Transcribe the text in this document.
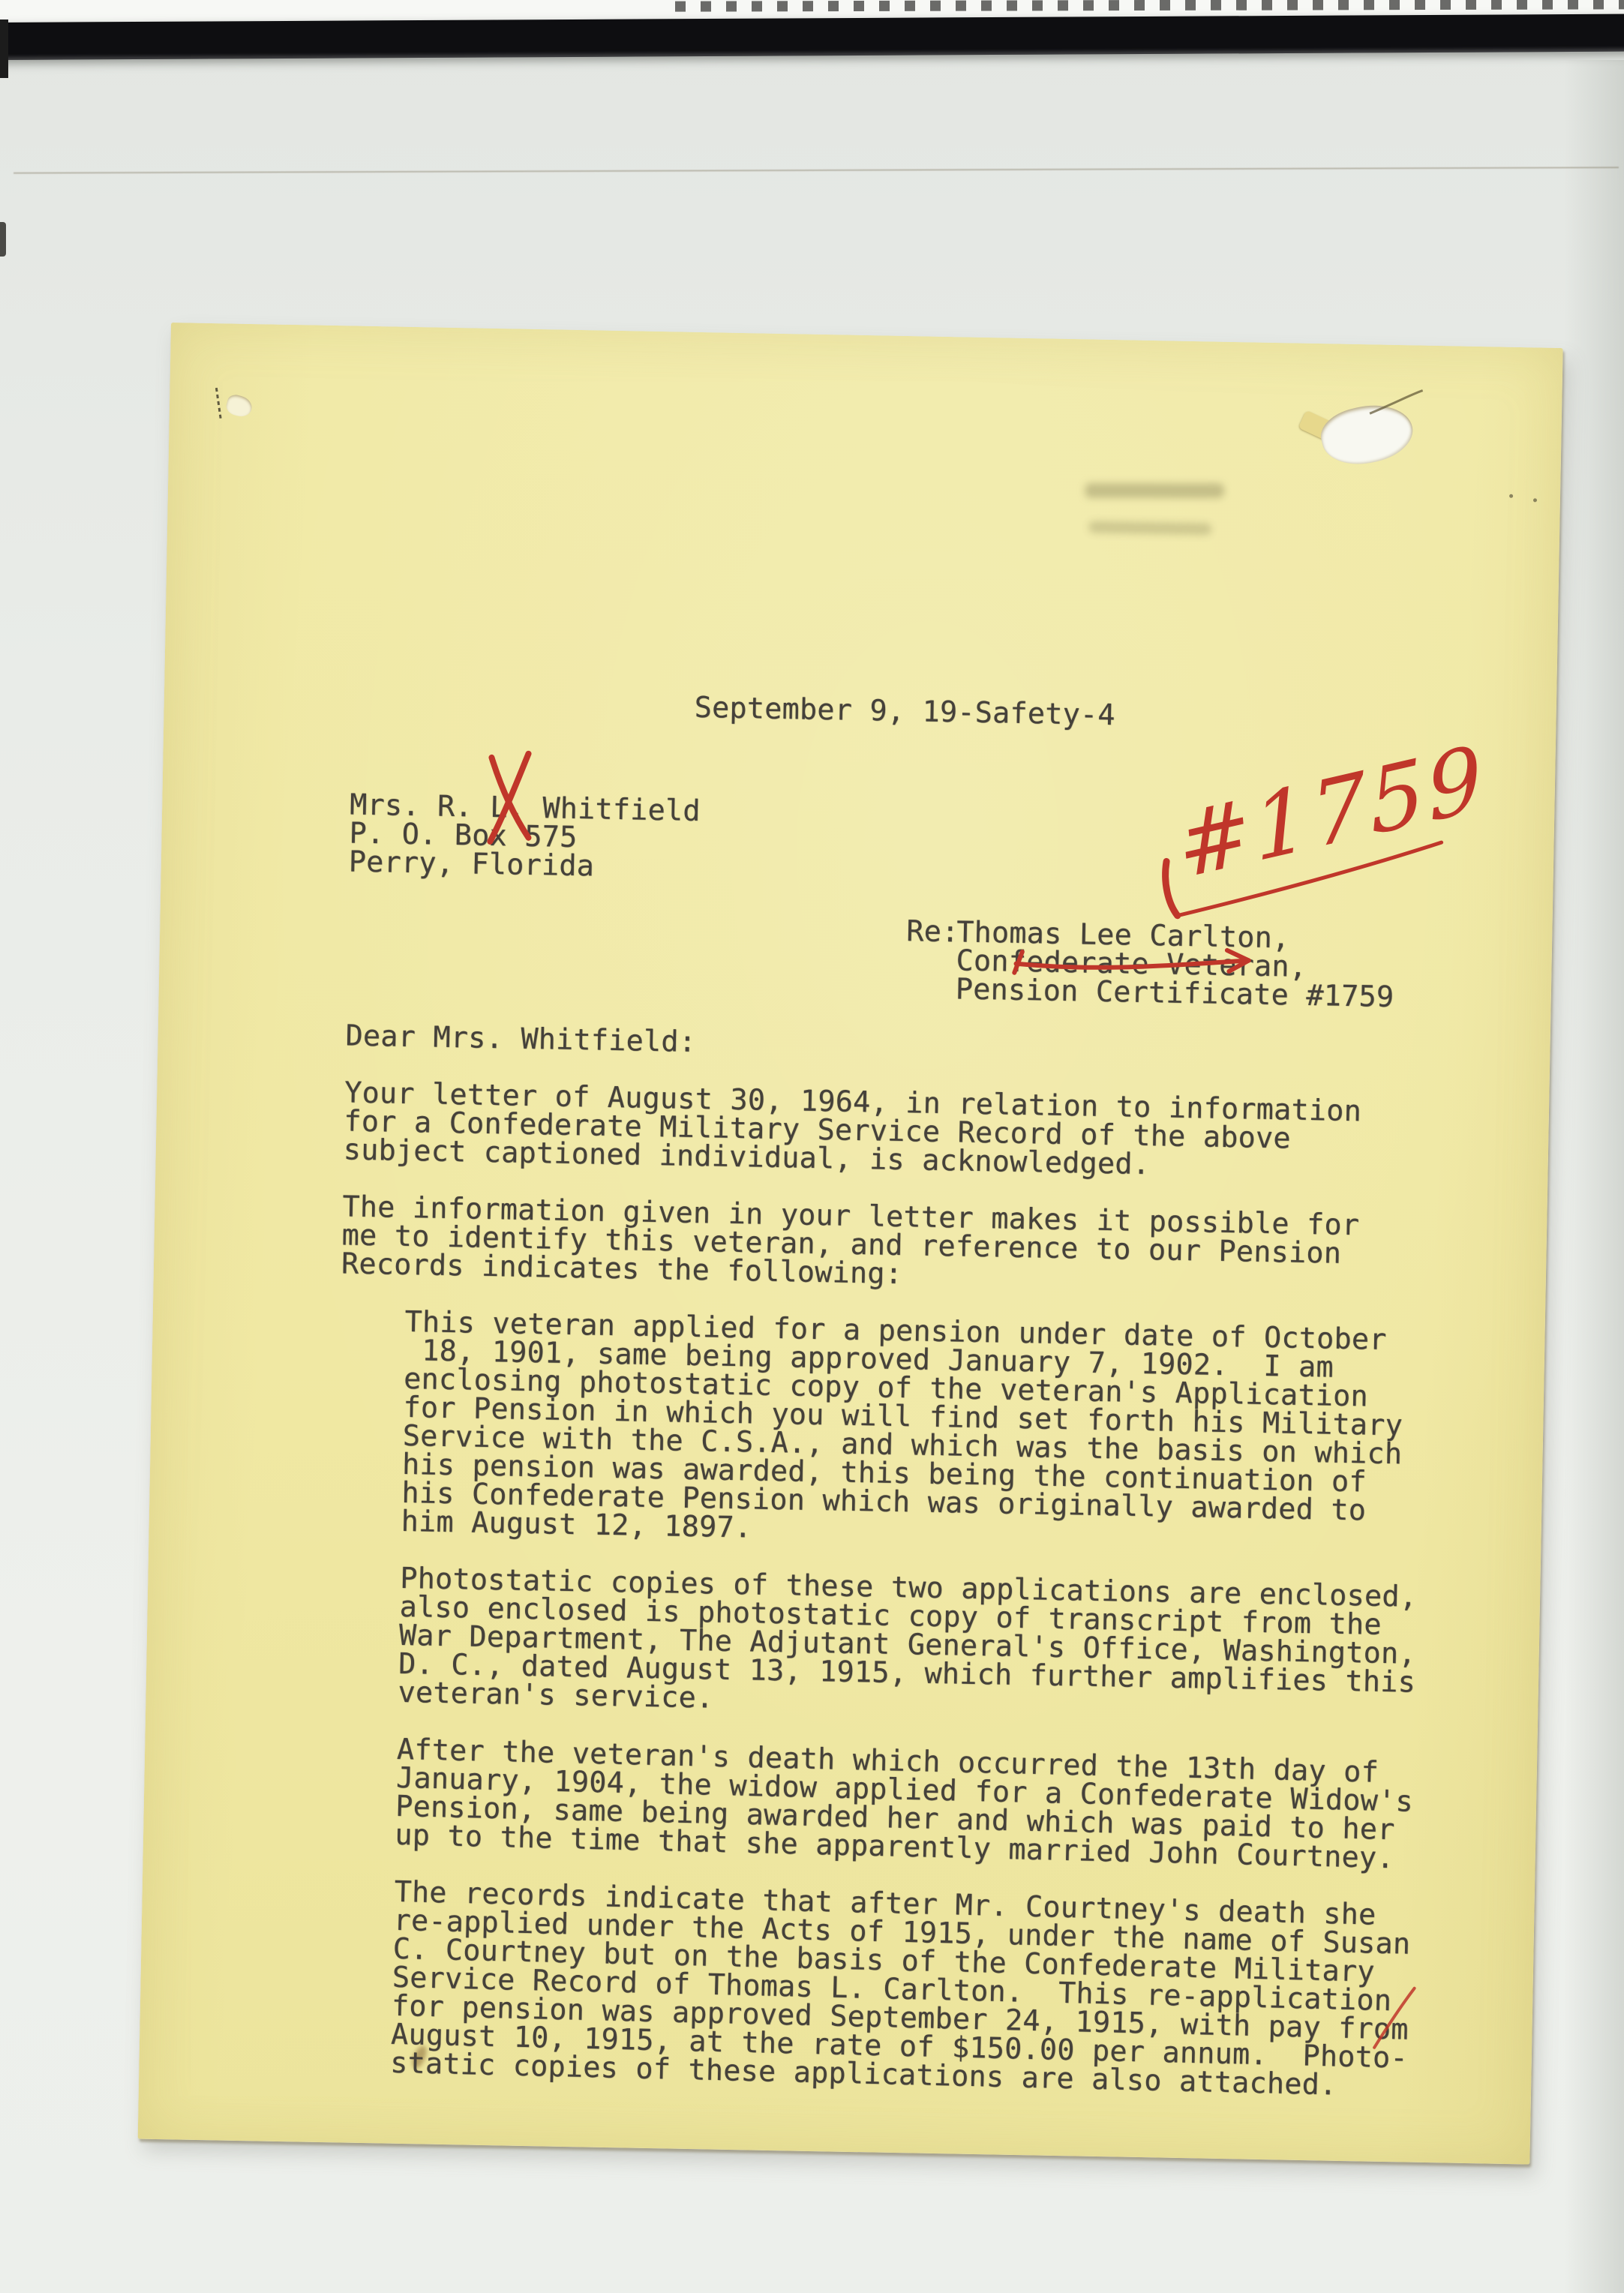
September 9, 19-Safety-4
Mrs. R. L. Whitfield
P. O. Box 575
Perry, Florida
Re:
Thomas Lee Carlton,
Confederate Veteran,
Pension Certificate #1759
Dear Mrs. Whitfield:
Your letter of August 30, 1964, in relation to information
for a Confederate Military Service Record of the above
subject captioned individual, is acknowledged.
The information given in your letter makes it possible for
me to identify this veteran, and reference to our Pension
Records indicates the following:
This veteran applied for a pension under date of October
18, 1901, same being approved January 7, 1902.  I am
enclosing photostatic copy of the veteran's Application
for Pension in which you will find set forth his Military
Service with the C.S.A., and which was the basis on which
his pension was awarded, this being the continuation of
his Confederate Pension which was originally awarded to
him August 12, 1897.
Photostatic copies of these two applications are enclosed,
also enclosed is photostatic copy of transcript from the
War Department, The Adjutant General's Office, Washington,
D. C., dated August 13, 1915, which further amplifies this
veteran's service.
After the veteran's death which occurred the 13th day of
January, 1904, the widow applied for a Confederate Widow's
Pension, same being awarded her and which was paid to her
up to the time that she apparently married John Courtney.
The records indicate that after Mr. Courtney's death she
re-applied under the Acts of 1915, under the name of Susan
C. Courtney but on the basis of the Confederate Military
Service Record of Thomas L. Carlton.  This re-application
for pension was approved September 24, 1915, with pay from
August 10, 1915, at the rate of $150.00 per annum.  Photo-
static copies of these applications are also attached.
#1759
